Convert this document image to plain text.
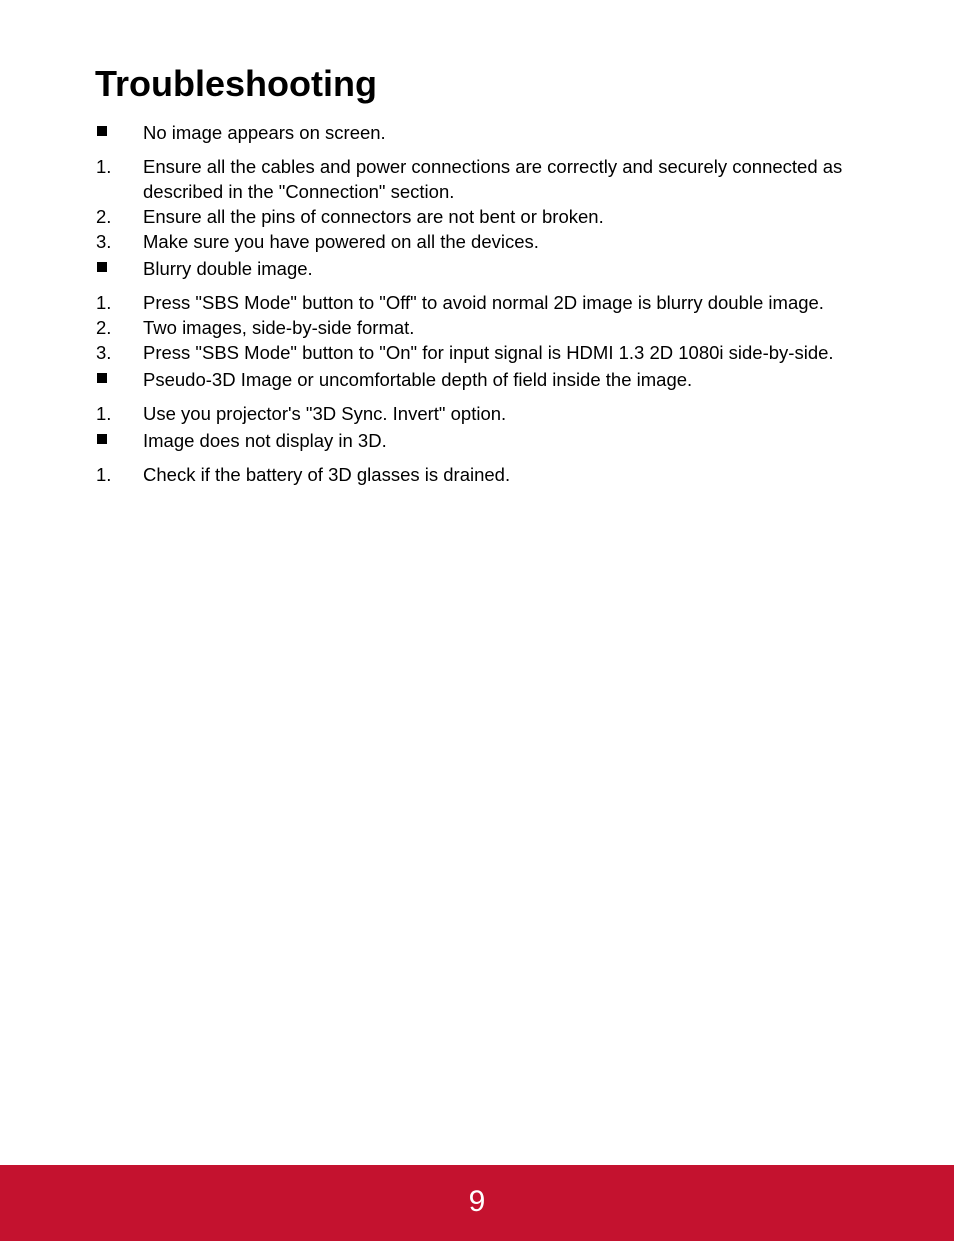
Troubleshooting
No image appears on screen.
1. Ensure all the cables and power connections are correctly and securely connected as described in the "Connection" section.
2. Ensure all the pins of connectors are not bent or broken.
3. Make sure you have powered on all the devices.
Blurry double image.
1. Press "SBS Mode" button to "Off" to avoid normal 2D image is blurry double image.
2. Two images, side-by-side format.
3. Press "SBS Mode" button to "On" for input signal is HDMI 1.3 2D 1080i side-by-side.
Pseudo-3D Image or uncomfortable depth of field inside the image.
1. Use you projector's "3D Sync. Invert" option.
Image does not display in 3D.
1. Check if the battery of 3D glasses is drained.
9
